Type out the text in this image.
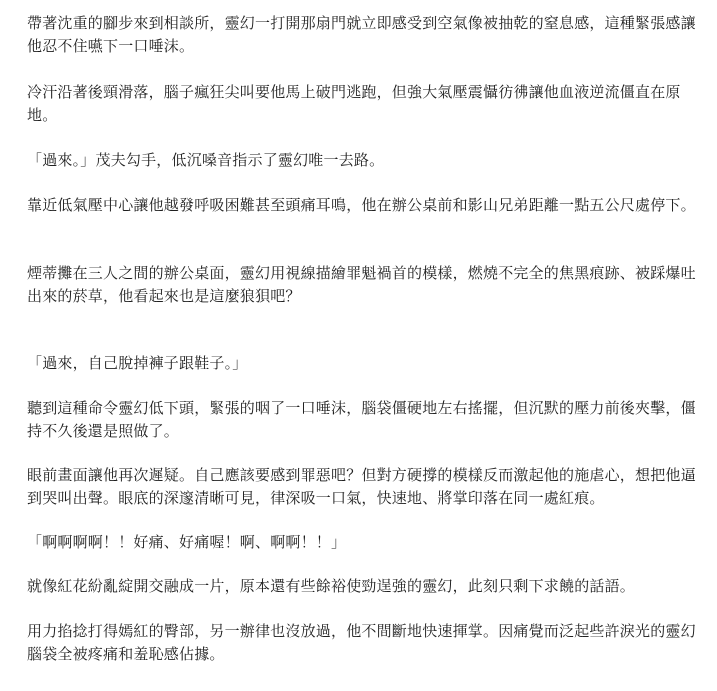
帶著沈重的腳步來到相談所，靈幻一打開那扇門就立即感受到空氣像被抽乾的窒息感，這種緊張感讓他忍不住嚥下一口唾沫。

冷汗沿著後頸滑落，腦子瘋狂尖叫要他馬上破門逃跑，但強大氣壓震懾彷彿讓他血液逆流僵直在原地。

「過來。」茂夫勾手，低沉嗓音指示了靈幻唯一去路。

靠近低氣壓中心讓他越發呼吸困難甚至頭痛耳鳴，他在辦公桌前和影山兄弟距離一點五公尺處停下。

煙蒂攤在三人之間的辦公桌面，靈幻用視線描繪罪魁禍首的模樣，燃燒不完全的焦黑痕跡、被踩爆吐出來的菸草，他看起來也是這麼狼狽吧？

「過來，自己脫掉褲子跟鞋子。」

聽到這種命令靈幻低下頭，緊張的咽了一口唾沫，腦袋僵硬地左右搖擺，但沉默的壓力前後夾擊，僵持不久後還是照做了。

眼前畫面讓他再次遲疑。自己應該要感到罪惡吧？但對方硬撐的模樣反而激起他的施虐心，想把他逼到哭叫出聲。眼底的深邃清晰可見，律深吸一口氣，快速地、將掌印落在同一處紅痕。

「啊啊啊啊！！好痛、好痛喔！啊、啊啊！！」

就像紅花紛亂綻開交融成一片，原本還有些餘裕使勁逞強的靈幻，此刻只剩下求饒的話語。

用力掐捻打得嫣紅的臀部，另一辦律也沒放過，他不間斷地快速揮掌。因痛覺而泛起些許淚光的靈幻腦袋全被疼痛和羞恥感佔據。
